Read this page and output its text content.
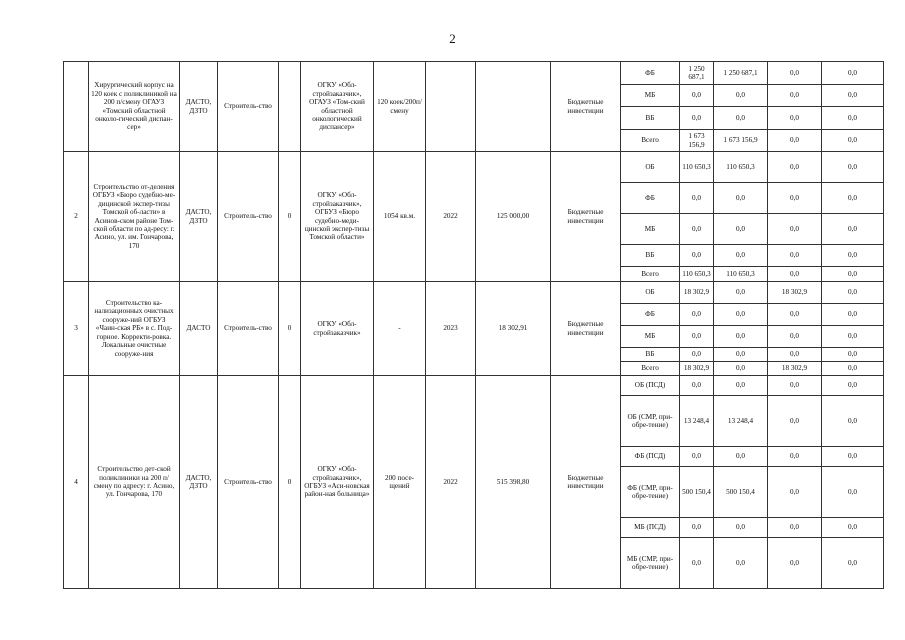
2
	Хирургический корпус на 120 коек с поликлиникой на 200 п/смену ОГАУЗ «Томский областной онколо-гический диспан-сер»	ДАСТО, ДЗТО	Строитель-ство		ОГКУ «Обл-стройзаказчик», ОГАУЗ «Том-ский областной онкологический диспансер»	120 коек/200п/смену			Бюджетные инвестиции	ФБ	1 250 687,1	1 250 687,1	0,0	0,0
										МБ	0,0	0,0	0,0	0,0
										ВБ	0,0	0,0	0,0	0,0
										Всего	1 673 156,9	1 673 156,9	0,0	0,0
2	Строительство от-деления ОГБУЗ «Бюро судебно-ме-дицинской экспер-тизы Томской об-ласти» в Асинов-ском районе Том-ской области по ад-ресу: г. Асино, ул. им. Гончарова, 170	ДАСТО, ДЗТО	Строитель-ство	0	ОГКУ «Обл-стройзаказчик», ОГБУЗ «Бюро судебно-меди-цинской экспер-тизы Томской области»	1054 кв.м.	2022	125 000,00	Бюджетные инвестиции	ОБ	110 650,3	110 650,3	0,0	0,0
										ФБ	0,0	0,0	0,0	0,0
										МБ	0,0	0,0	0,0	0,0
										ВБ	0,0	0,0	0,0	0,0
										Всего	110 650,3	110 650,3	0,0	0,0
3	Строительство ка-нализационных очистных сооруже-ний ОГБУЗ «Чаин-ская РБ» в с. Под-горное. Корректи-ровка. Локальные очистные сооруже-ния	ДАСТО	Строитель-ство	0	ОГКУ «Обл-стройзаказчик»	-	2023	18 302,91	Бюджетные инвестиции	ОБ	18 302,9	0,0	18 302,9	0,0
										ФБ	0,0	0,0	0,0	0,0
										МБ	0,0	0,0	0,0	0,0
										ВБ	0,0	0,0	0,0	0,0
										Всего	18 302,9	0,0	18 302,9	0,0
4	Строительство дет-ской поликлиники на 200 п/смену по адресу: г. Асино, ул. Гончарова, 170	ДАСТО, ДЗТО	Строитель-ство	0	ОГКУ «Обл-стройзаказчик», ОГБУЗ «Аси-новская район-ная больница»	200 посе-щений	2022	515 398,80	Бюджетные инвестиции	ОБ (ПСД)	0,0	0,0	0,0	0,0
										ОБ (СМР, при-обре-тение)	13 248,4	13 248,4	0,0	0,0
										ФБ (ПСД)	0,0	0,0	0,0	0,0
										ФБ (СМР, при-обре-тение)	500 150,4	500 150,4	0,0	0,0
										МБ (ПСД)	0,0	0,0	0,0	0,0
										МБ (СМР, при-обре-тение)	0,0	0,0	0,0	0,0
